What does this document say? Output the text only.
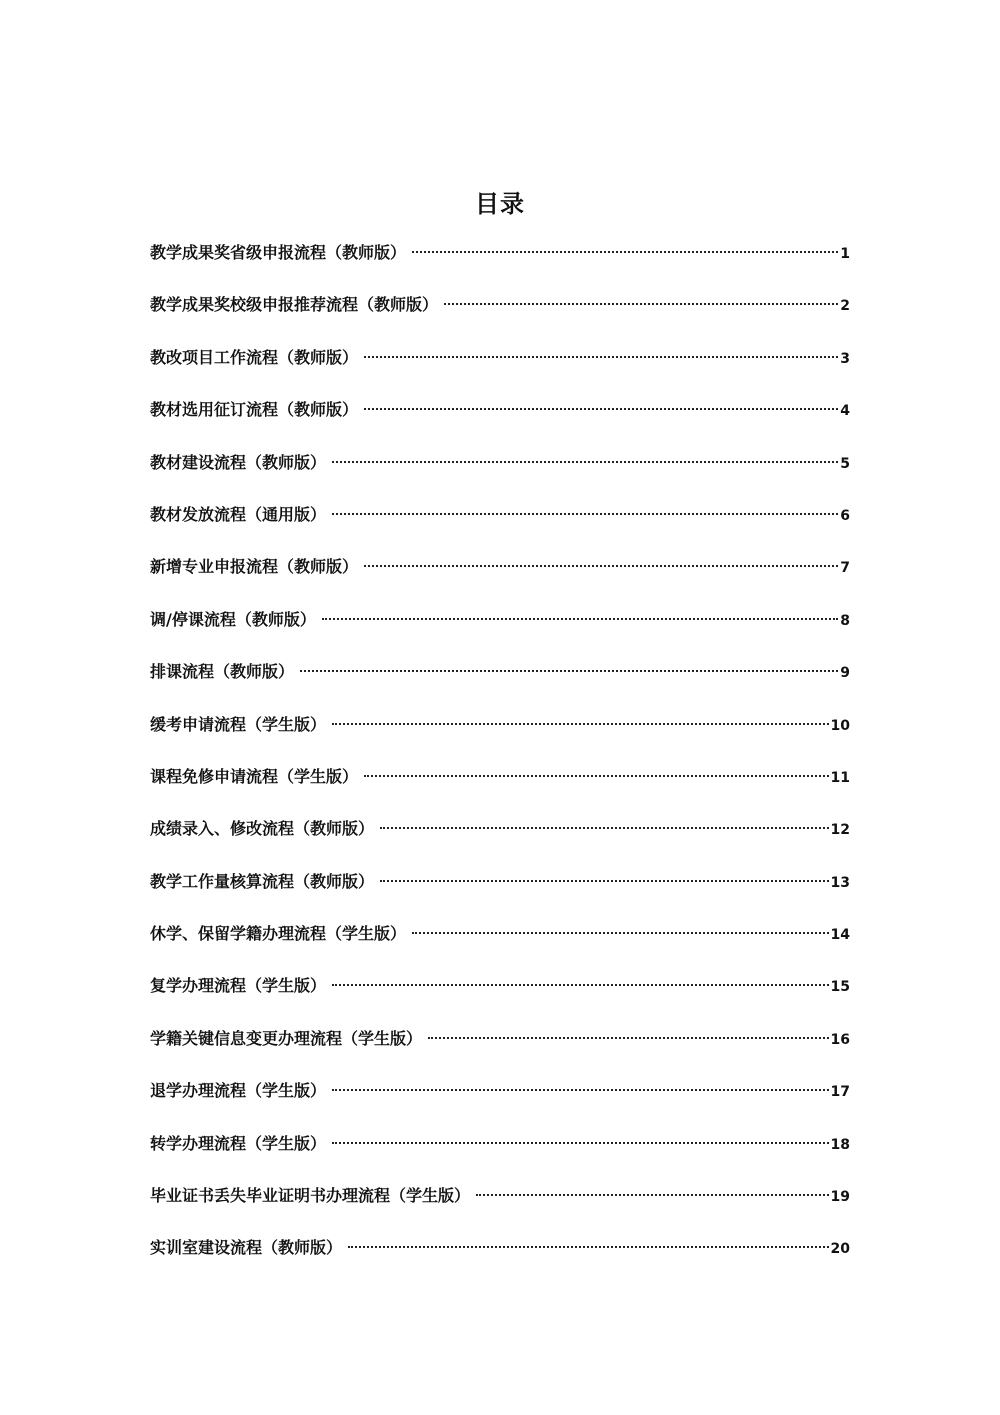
目录
教学成果奖省级申报流程（教师版）	1
教学成果奖校级申报推荐流程（教师版）	2
教改项目工作流程（教师版）	3
教材选用征订流程（教师版）	4
教材建设流程（教师版）	5
教材发放流程（通用版）	6
新增专业申报流程（教师版）	7
调/停课流程（教师版）	8
排课流程（教师版）	9
缓考申请流程（学生版）	10
课程免修申请流程（学生版）	11
成绩录入、修改流程（教师版）	12
教学工作量核算流程（教师版）	13
休学、保留学籍办理流程（学生版）	14
复学办理流程（学生版）	15
学籍关键信息变更办理流程（学生版）	16
退学办理流程（学生版）	17
转学办理流程（学生版）	18
毕业证书丢失毕业证明书办理流程（学生版）	19
实训室建设流程（教师版）	20
